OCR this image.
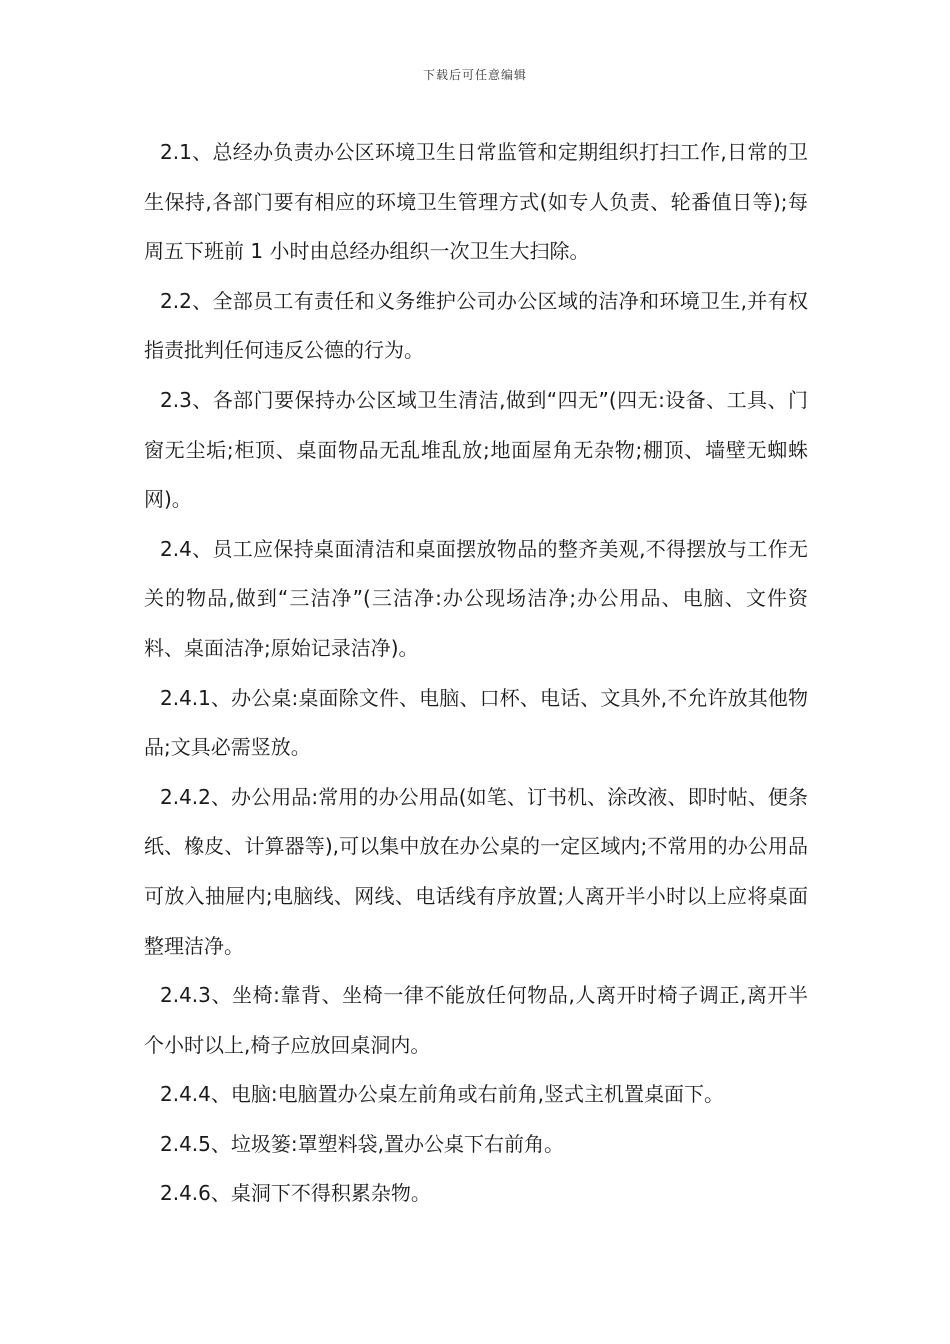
下载后可任意编辑

2.1、总经办负责办公区环境卫生日常监管和定期组织打扫工作,日常的卫生保持,各部门要有相应的环境卫生管理方式(如专人负责、轮番值日等);每周五下班前 1 小时由总经办组织一次卫生大扫除。

2.2、全部员工有责任和义务维护公司办公区域的洁净和环境卫生,并有权指责批判任何违反公德的行为。

2.3、各部门要保持办公区域卫生清洁,做到“四无”(四无:设备、工具、门窗无尘垢;柜顶、桌面物品无乱堆乱放;地面屋角无杂物;棚顶、墙壁无蜘蛛网)。

2.4、员工应保持桌面清洁和桌面摆放物品的整齐美观,不得摆放与工作无关的物品,做到“三洁净”(三洁净:办公现场洁净;办公用品、电脑、文件资料、桌面洁净;原始记录洁净)。

2.4.1、办公桌:桌面除文件、电脑、口杯、电话、文具外,不允许放其他物品;文具必需竖放。

2.4.2、办公用品:常用的办公用品(如笔、订书机、涂改液、即时帖、便条纸、橡皮、计算器等),可以集中放在办公桌的一定区域内;不常用的办公用品可放入抽屉内;电脑线、网线、电话线有序放置;人离开半小时以上应将桌面整理洁净。

2.4.3、坐椅:靠背、坐椅一律不能放任何物品,人离开时椅子调正,离开半个小时以上,椅子应放回桌洞内。

2.4.4、电脑:电脑置办公桌左前角或右前角,竖式主机置桌面下。

2.4.5、垃圾篓:罩塑料袋,置办公桌下右前角。

2.4.6、桌洞下不得积累杂物。
